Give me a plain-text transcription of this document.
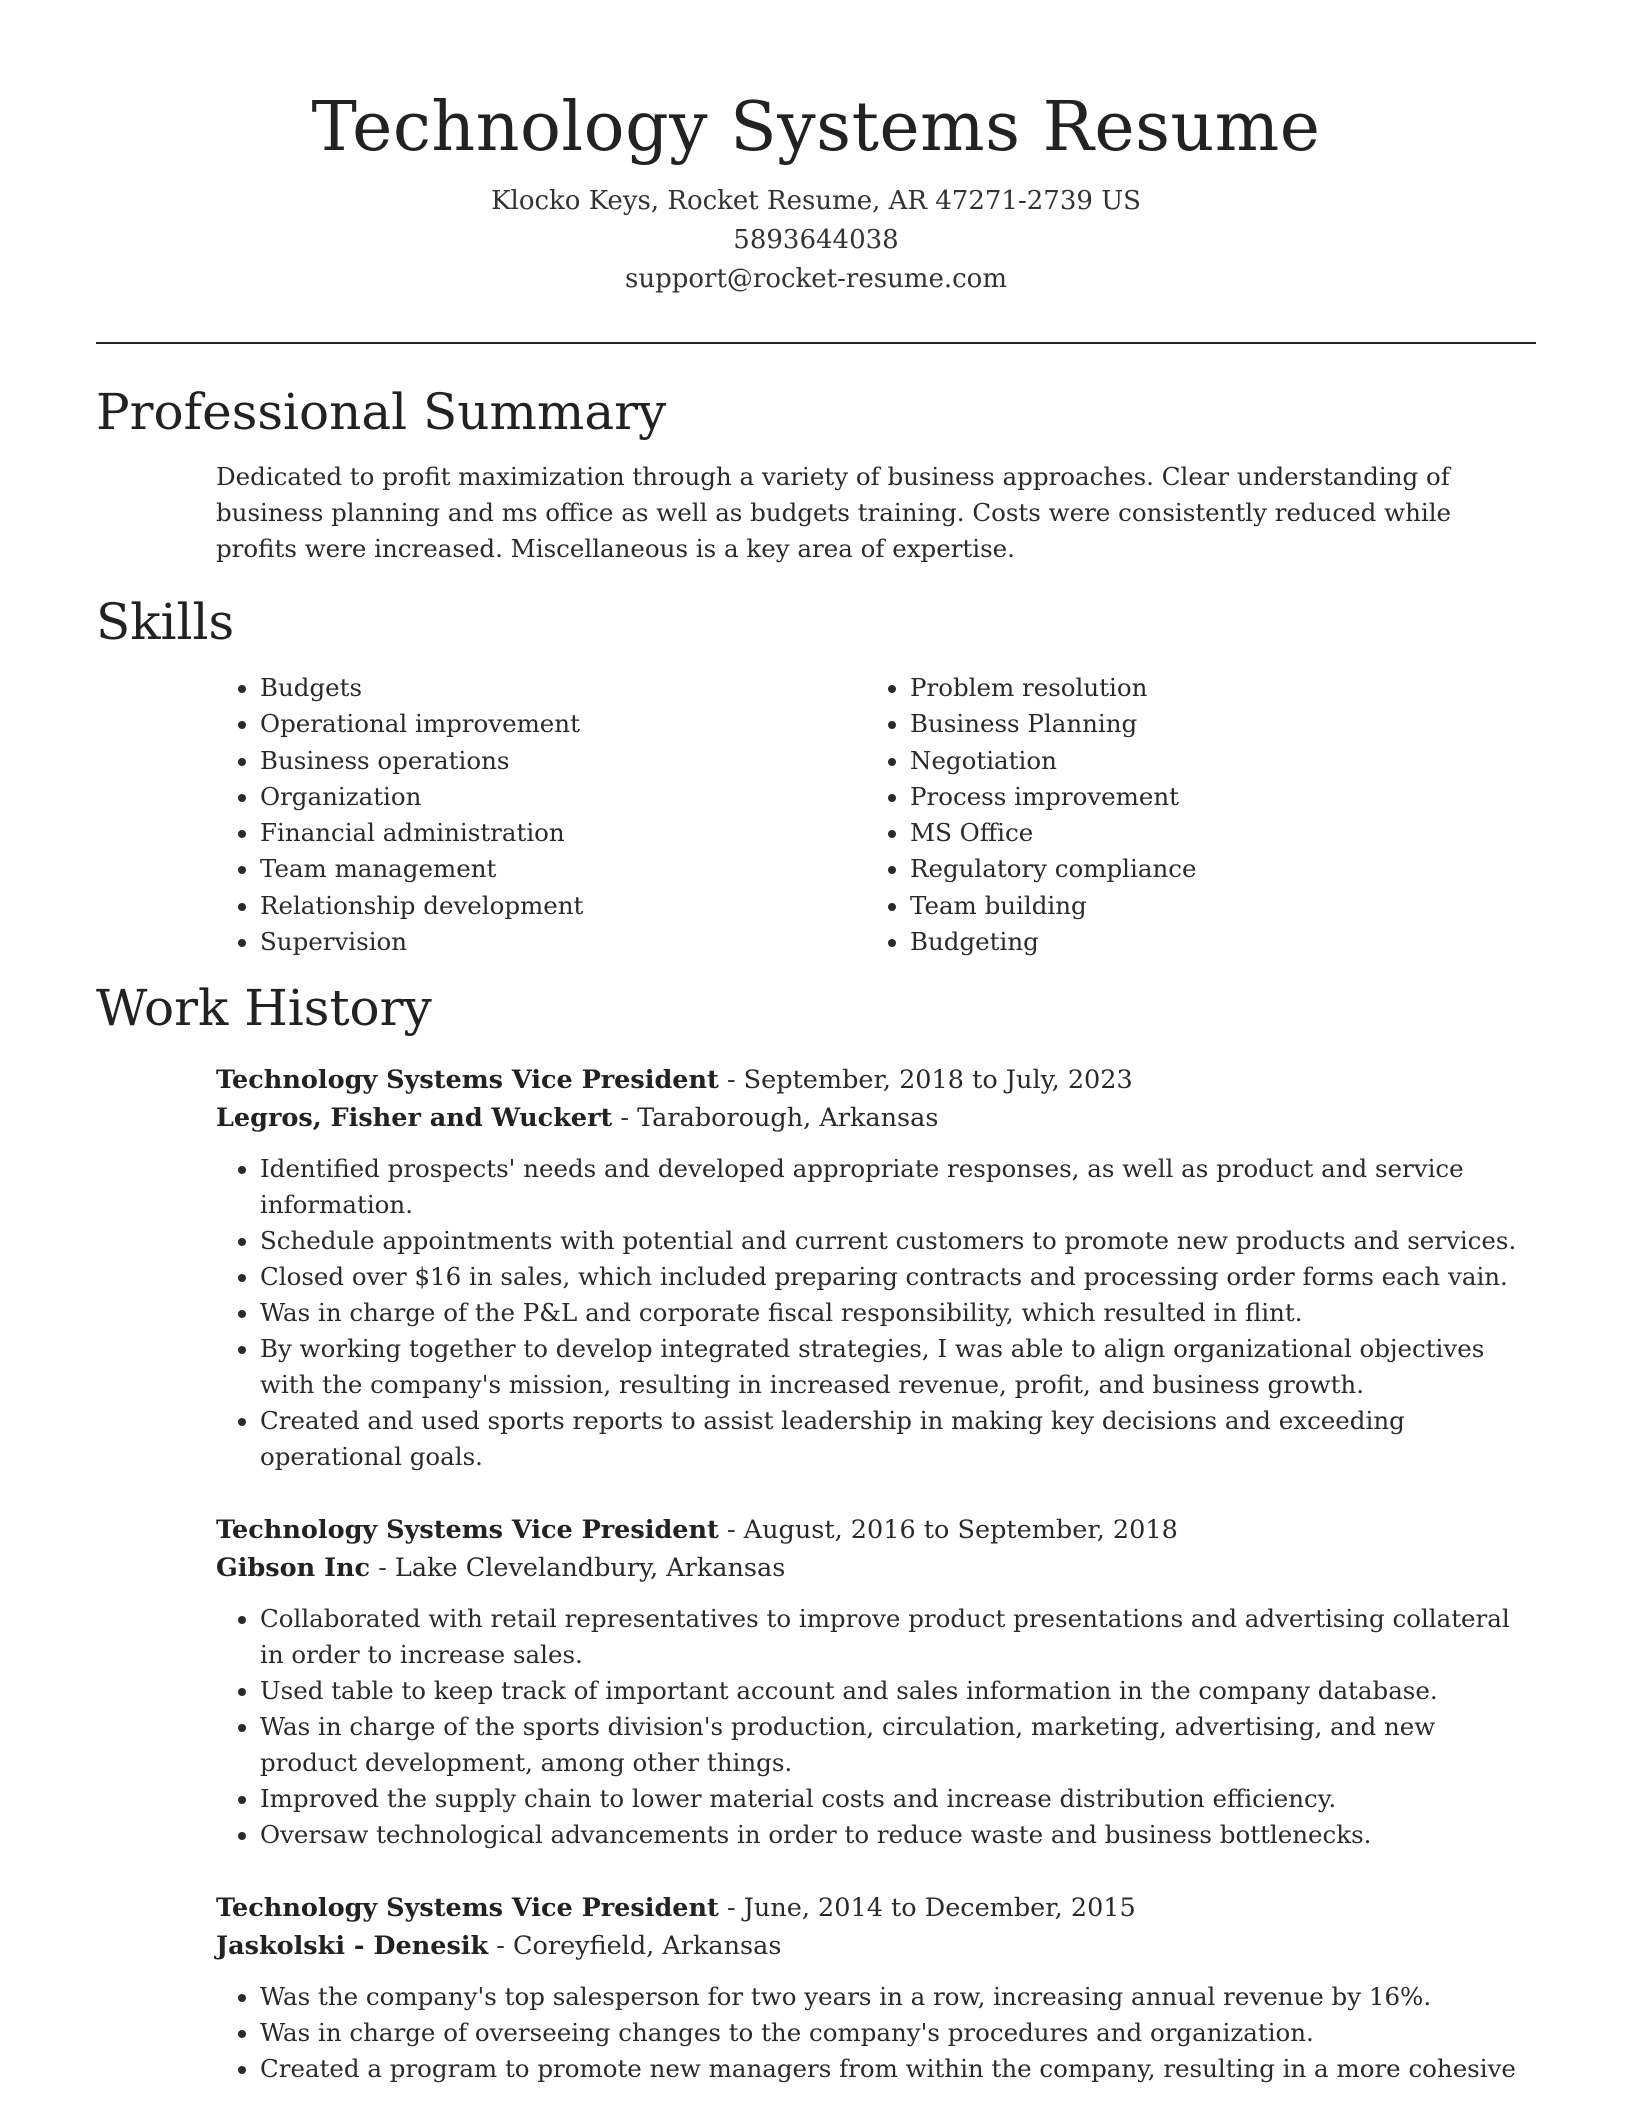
Technology Systems Resume

Klocko Keys, Rocket Resume, AR 47271-2739 US

5893644038

support@rocket-resume.com

Professional Summary

Dedicated to profit maximization through a variety of business approaches. Clear understanding of business planning and ms office as well as budgets training. Costs were consistently reduced while profits were increased. Miscellaneous is a key area of expertise.

Skills
• Budgets
• Operational improvement
• Business operations
• Organization
• Financial administration
• Team management
• Relationship development
• Supervision
• Problem resolution
• Business Planning
• Negotiation
• Process improvement
• MS Office
• Regulatory compliance
• Team building
• Budgeting
Work History

Technology Systems Vice President - September, 2018 to July, 2023

Legros, Fisher and Wuckert - Taraborough, Arkansas

• Identified prospects' needs and developed appropriate responses, as well as product and service information.
• Schedule appointments with potential and current customers to promote new products and services.
• Closed over $16 in sales, which included preparing contracts and processing order forms each vain.
• Was in charge of the P&L and corporate fiscal responsibility, which resulted in flint.
• By working together to develop integrated strategies, I was able to align organizational objectives with the company's mission, resulting in increased revenue, profit, and business growth.
• Created and used sports reports to assist leadership in making key decisions and exceeding operational goals.

Technology Systems Vice President - August, 2016 to September, 2018

Gibson Inc - Lake Clevelandbury, Arkansas

• Collaborated with retail representatives to improve product presentations and advertising collateral in order to increase sales.
• Used table to keep track of important account and sales information in the company database.
• Was in charge of the sports division's production, circulation, marketing, advertising, and new product development, among other things.
• Improved the supply chain to lower material costs and increase distribution efficiency.
• Oversaw technological advancements in order to reduce waste and business bottlenecks.

Technology Systems Vice President - June, 2014 to December, 2015

Jaskolski - Denesik - Coreyfield, Arkansas

• Was the company's top salesperson for two years in a row, increasing annual revenue by 16%.
• Was in charge of overseeing changes to the company's procedures and organization.
• Created a program to promote new managers from within the company, resulting in a more cohesive
